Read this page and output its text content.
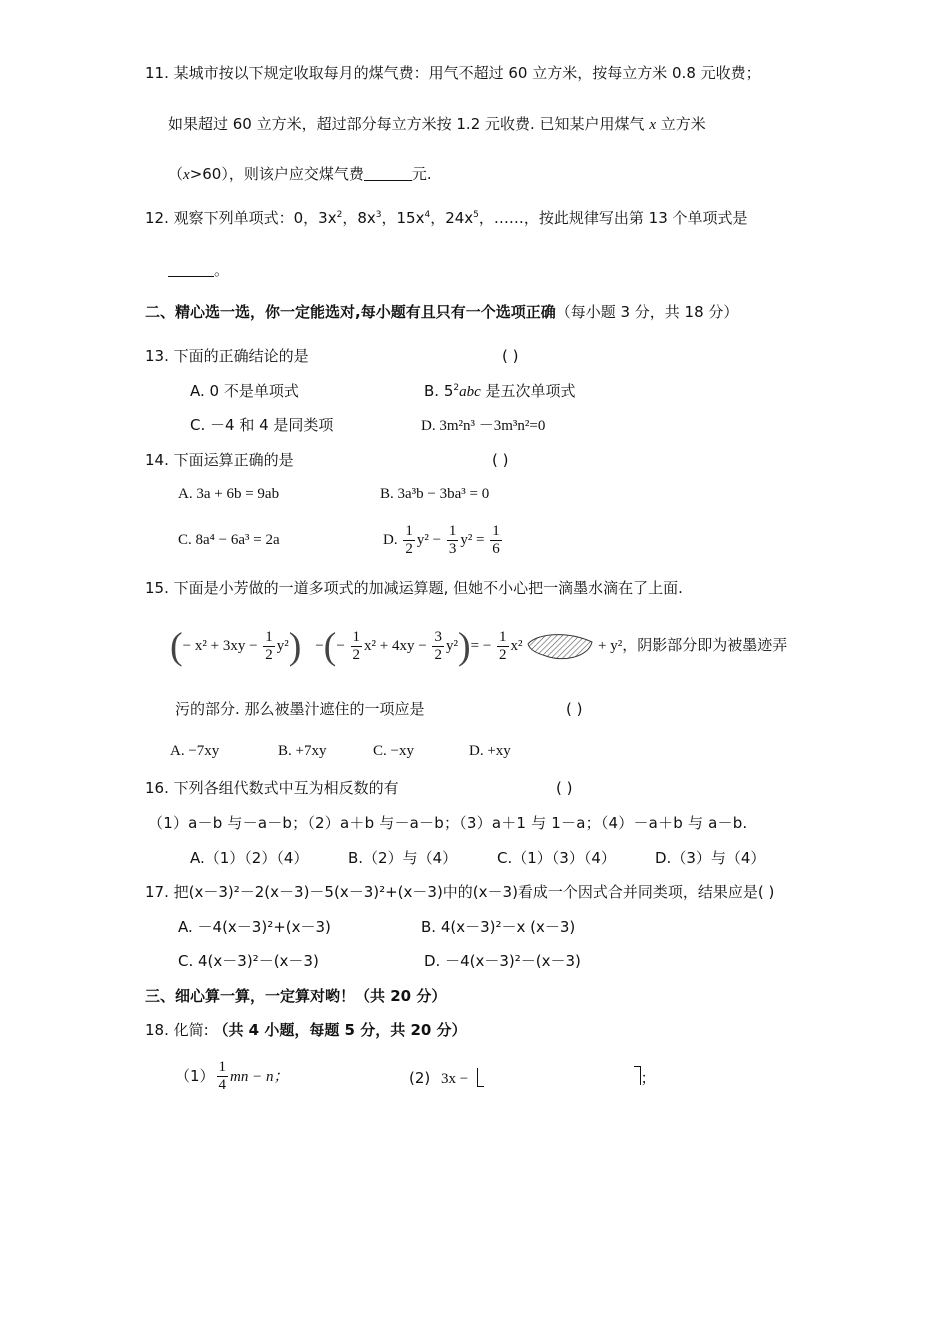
11. 某城市按以下规定收取每月的煤气费：用气不超过 60 立方米，按每立方米 0.8 元收费；
如果超过 60 立方米，超过部分每立方米按 1.2 元收费. 已知某户用煤气 x 立方米
（x>60），则该户应交煤气费	元.
12. 观察下列单项式：0，$3x^2$，$8x^3$，$15x^4$，$24x^5$，……，按此规律写出第 13 个单项式是
。
二、精心选一选，你一定能选对,每小题有且只有一个选项正确（每小题 3 分，共 18 分）
13. 下面的正确结论的是	( )
A. 0 不是单项式	B. $5^2abc$ 是五次单项式
C. －4 和 4 是同类项	D. 3m²n³ －3m³n²=0
14. 下面运算正确的是	( )
A. 3a + 6b = 9ab	B. 3a³b − 3ba³ = 0
C. 8a⁴ − 6a³ = 2a	D. $\frac{1}{2} y^2 - \frac{1}{3} y^2 = \frac{1}{6}$
15. 下面是小芳做的一道多项式的加减运算题, 但她不小心把一滴墨水滴在了上面.
(− $x^2 + 3xy - \frac{1}{2} y^2$) −(− $\frac{1}{2} x^2 + 4xy - \frac{3}{2} y^2)= - \frac{1}{2} x^2$	+ y²，阴影部分即为被墨迹弄
污的部分. 那么被墨汁遮住的一项应是	( )
A. −7xy	B. +7xy	C. −xy	D. +xy
16. 下列各组代数式中互为相反数的有	( )
（1）a－b 与－a－b；（2）a＋b 与－a－b；（3）a＋1 与 1－a；（4）－a＋b 与 a－b.
A.（1）（2）（4）	B.（2）与（4）	C.（1）（3）（4）	D.（3）与（4）
17. 把(x－3)²－2(x－3)－5(x－3)²+(x－3)中的(x－3)看成一个因式合并同类项，结果应是( )
A. －4(x－3)²+(x－3)	B. 4(x－3)²－x (x－3)
C. 4(x－3)²－(x－3)	D. －4(x－3)²－(x－3)
三、细心算一算，一定算对哟！（共 20 分）
18. 化简: （共 4 小题，每题 5 分，共 20 分）
$(1) \frac{1}{4}$ mn − n；	(2) 3x −	；
